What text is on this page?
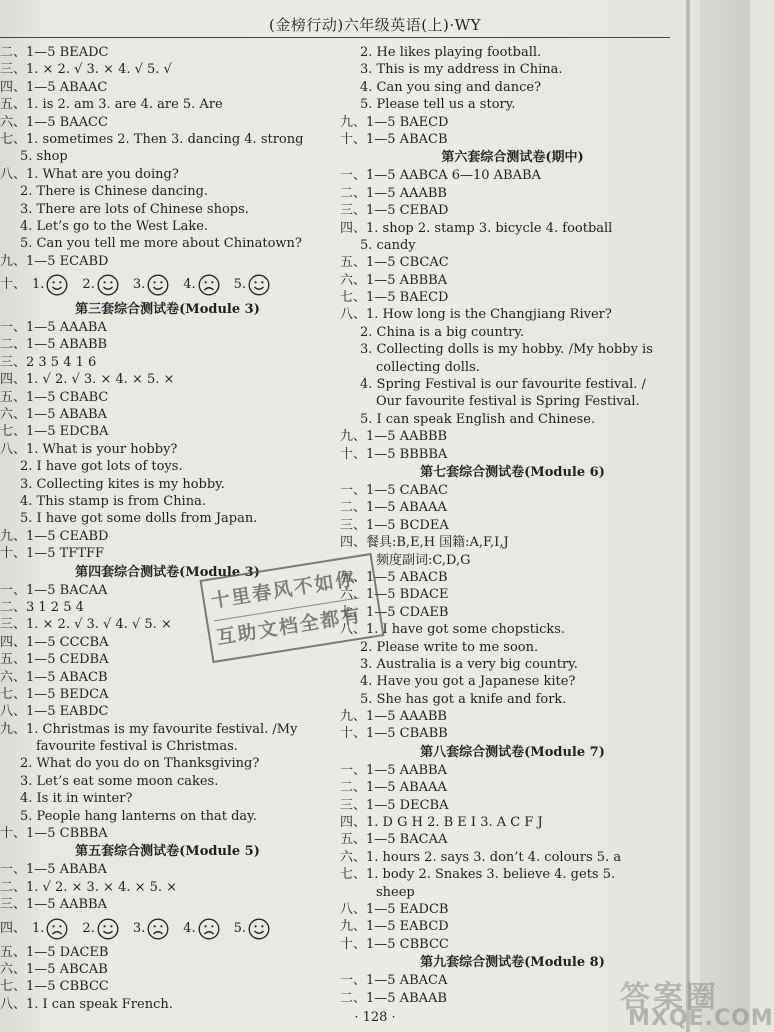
(金榜行动)六年级英语(上)·WY
二、1—5 BEADC
三、1. × 2. √ 3. × 4. √ 5. √
四、1—5 ABAAC
五、1. is 2. am 3. are 4. are 5. Are
六、1—5 BAACC
七、1. sometimes 2. Then 3. dancing 4. strong
5. shop
八、1. What are you doing?
2. There is Chinese dancing.
3. There are lots of Chinese shops.
4. Let’s go to the West Lake.
5. Can you tell me more about Chinatown?
九、1—5 ECABD
十、 1.	2.	3.	4.	5.
第三套综合测试卷(Module 3)
一、1—5 AAABA
二、1—5 ABABB
三、2 3 5 4 1 6
四、1. √ 2. √ 3. × 4. × 5. ×
五、1—5 CBABC
六、1—5 ABABA
七、1—5 EDCBA
八、1. What is your hobby?
2. I have got lots of toys.
3. Collecting kites is my hobby.
4. This stamp is from China.
5. I have got some dolls from Japan.
九、1—5 CEABD
十、1—5 TFTFF
第四套综合测试卷(Module 3)
一、1—5 BACAA
二、3 1 2 5 4
三、1. × 2. √ 3. √ 4. √ 5. ×
四、1—5 CCCBA
五、1—5 CEDBA
六、1—5 ABACB
七、1—5 BEDCA
八、1—5 EABDC
九、1. Christmas is my favourite festival. /My
favourite festival is Christmas.
2. What do you do on Thanksgiving?
3. Let’s eat some moon cakes.
4. Is it in winter?
5. People hang lanterns on that day.
十、1—5 CBBBA
第五套综合测试卷(Module 5)
一、1—5 ABABA
二、1. √ 2. × 3. × 4. × 5. ×
三、1—5 AABBA
四、 1.	2.	3.	4.	5.
五、1—5 DACEB
六、1—5 ABCAB
七、1—5 CBBCC
八、1. I can speak French.
2. He likes playing football.
3. This is my address in China.
4. Can you sing and dance?
5. Please tell us a story.
九、1—5 BAECD
十、1—5 ABACB
第六套综合测试卷(期中)
一、1—5 AABCA 6—10 ABABA
二、1—5 AAABB
三、1—5 CEBAD
四、1. shop 2. stamp 3. bicycle 4. football
5. candy
五、1—5 CBCAC
六、1—5 ABBBA
七、1—5 BAECD
八、1. How long is the Changjiang River?
2. China is a big country.
3. Collecting dolls is my hobby. /My hobby is
collecting dolls.
4. Spring Festival is our favourite festival. /
Our favourite festival is Spring Festival.
5. I can speak English and Chinese.
九、1—5 AABBB
十、1—5 BBBBA
第七套综合测试卷(Module 6)
一、1—5 CABAC
二、1—5 ABAAA
三、1—5 BCDEA
四、餐具:B,E,H 国籍:A,F,I,J
频度副词:C,D,G
五、1—5 ABACB
六、1—5 BDACE
七、1—5 CDAEB
八、1. I have got some chopsticks.
2. Please write to me soon.
3. Australia is a very big country.
4. Have you got a Japanese kite?
5. She has got a knife and fork.
九、1—5 AAABB
十、1—5 CBABB
第八套综合测试卷(Module 7)
一、1—5 AABBA
二、1—5 ABAAA
三、1—5 DECBA
四、1. D G H 2. B E I 3. A C F J
五、1—5 BACAA
六、1. hours 2. says 3. don’t 4. colours 5. a
七、1. body 2. Snakes 3. believe 4. gets 5.
sheep
八、1—5 EADCB
九、1—5 EABCD
十、1—5 CBBCC
第九套综合测试卷(Module 8)
一、1—5 ABACA
二、1—5 ABAAB
十里春风不如你
互助文档全都有
答案圈
MXQE.COM
· 128 ·
